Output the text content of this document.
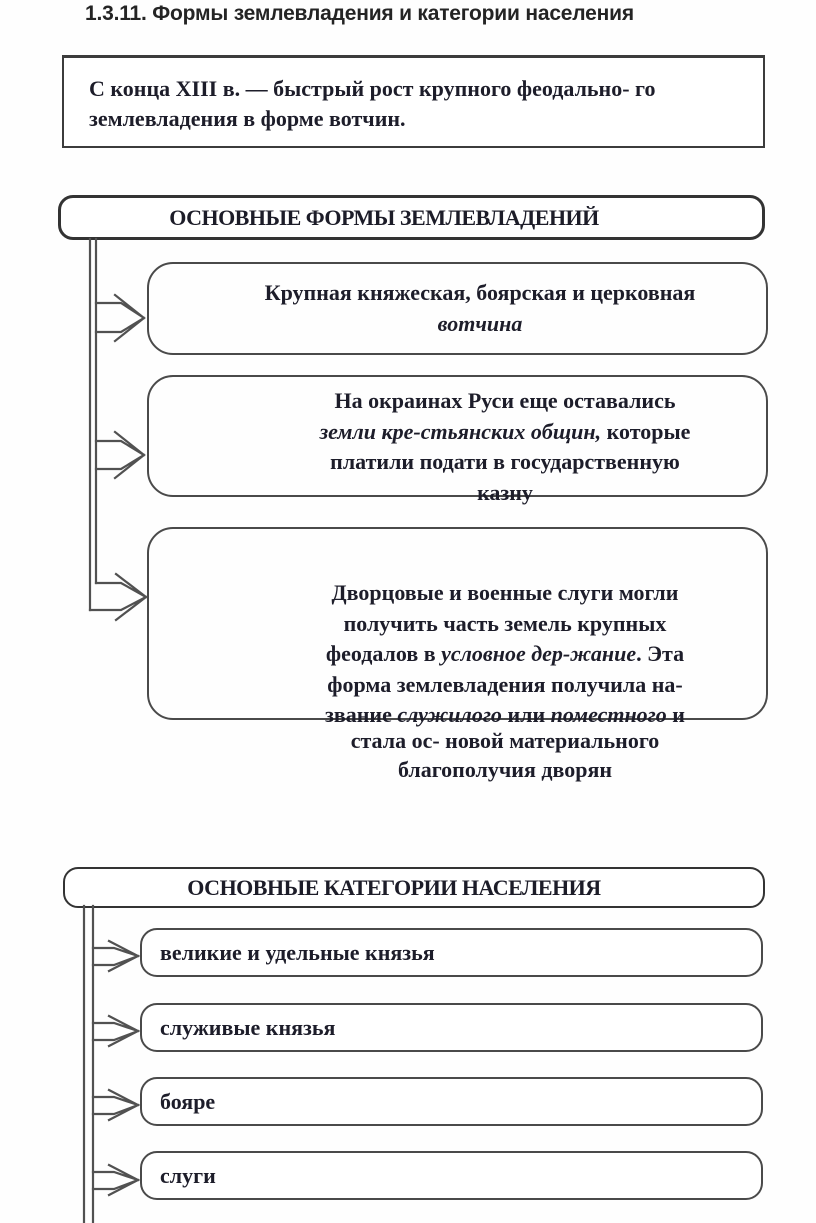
1.3.11. Формы землевладения и категории населения
С конца XIII в. — быстрый рост крупного феодально- го
землевладения в форме вотчин.
ОСНОВНЫЕ ФОРМЫ ЗЕМЛЕВЛАДЕНИЙ
Крупная княжеская, боярская и церковная
вотчина
На окраинах Руси еще оставались
земли кре-стьянских общин, которые
платили подати в государственную
казну
Дворцовые и военные слуги могли
получить часть земель крупных
феодалов в условное дер-жание. Эта
форма землевладения получила на-
звание служилого или поместного и
стала ос- новой материального
благополучия дворян
ОСНОВНЫЕ КАТЕГОРИИ НАСЕЛЕНИЯ
великие и удельные князья
служивые князья
бояре
слуги
